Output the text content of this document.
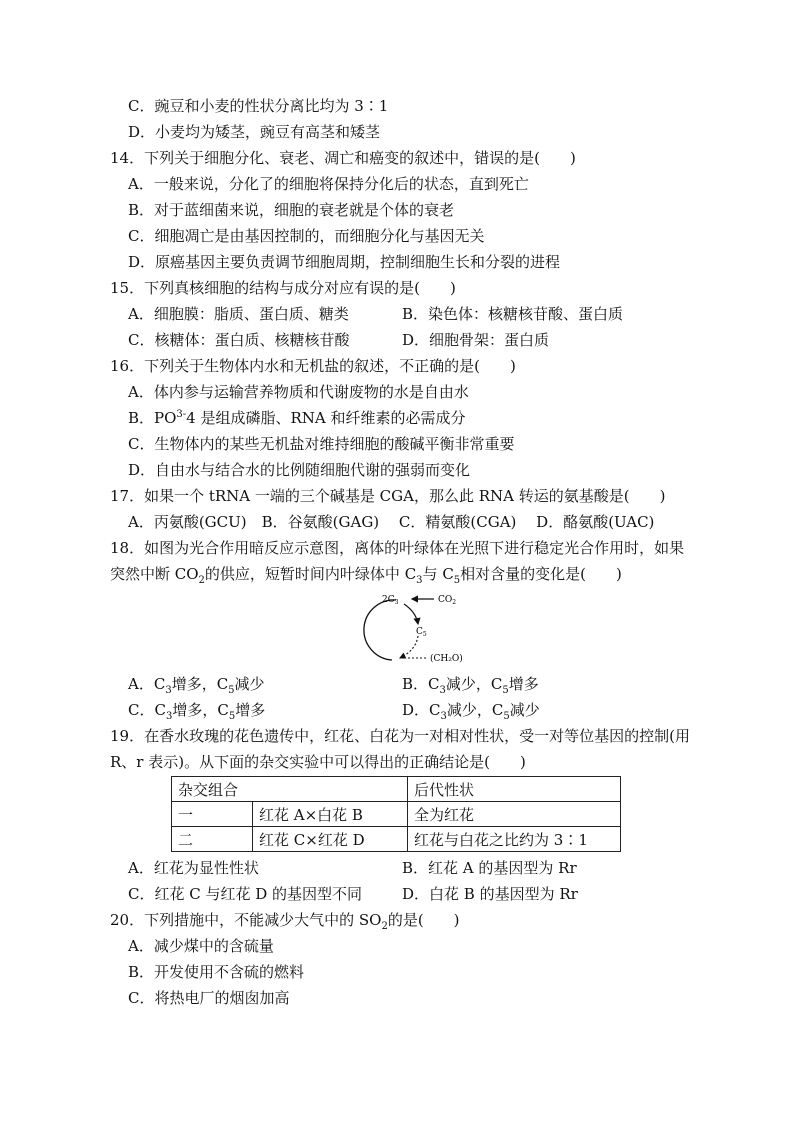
C．豌豆和小麦的性状分离比均为 3∶1
D．小麦均为矮茎，豌豆有高茎和矮茎
14．下列关于细胞分化、衰老、凋亡和癌变的叙述中，错误的是(　　)
A．一般来说，分化了的细胞将保持分化后的状态，直到死亡
B．对于蓝细菌来说，细胞的衰老就是个体的衰老
C．细胞凋亡是由基因控制的，而细胞分化与基因无关
D．原癌基因主要负责调节细胞周期，控制细胞生长和分裂的进程
15．下列真核细胞的结构与成分对应有误的是(　　)
A．细胞膜：脂质、蛋白质、糖类	B．染色体：核糖核苷酸、蛋白质
C．核糖体：蛋白质、核糖核苷酸	D．细胞骨架：蛋白质
16．下列关于生物体内水和无机盐的叙述，不正确的是(　　)
A．体内参与运输营养物质和代谢废物的水是自由水
B．$PO^{3-}4$ 是组成磷脂、RNA 和纤维素的必需成分
C．生物体内的某些无机盐对维持细胞的酸碱平衡非常重要
D．自由水与结合水的比例随细胞代谢的强弱而变化
17．如果一个 tRNA 一端的三个碱基是 CGA，那么此 RNA 转运的氨基酸是(　　)
A．丙氨酸(GCU)　B．谷氨酸(GAG)　 C．精氨酸(CGA)　 D．酪氨酸(UAC)
18．如图为光合作用暗反应示意图，离体的叶绿体在光照下进行稳定光合作用时，如果
突然中断 $CO_2$的供应，短暂时间内叶绿体中 $C_3$与 $C_5$相对含量的变化是(　　)
$2C_3$	$CO_2$
$C_5$
(CH₂O)
A．$C_3$增多，$C_5$减少	B．$C_3$减少，$C_5$增多
C．$C_3$增多，$C_5$增多	D．$C_3$减少，$C_5$减少
19．在香水玫瑰的花色遗传中，红花、白花为一对相对性状，受一对等位基因的控制(用
R、r 表示)。从下面的杂交实验中可以得出的正确结论是(　　)
杂交组合		后代性状
一	红花 A×白花 B	全为红花
二	红花 C×红花 D	红花与白花之比约为 3∶1
A．红花为显性性状	B．红花 A 的基因型为 Rr
C．红花 C 与红花 D 的基因型不同	D．白花 B 的基因型为 Rr
20．下列措施中，不能减少大气中的 $SO_2$的是(　　)
A．减少煤中的含硫量
B．开发使用不含硫的燃料
C．将热电厂的烟囱加高
